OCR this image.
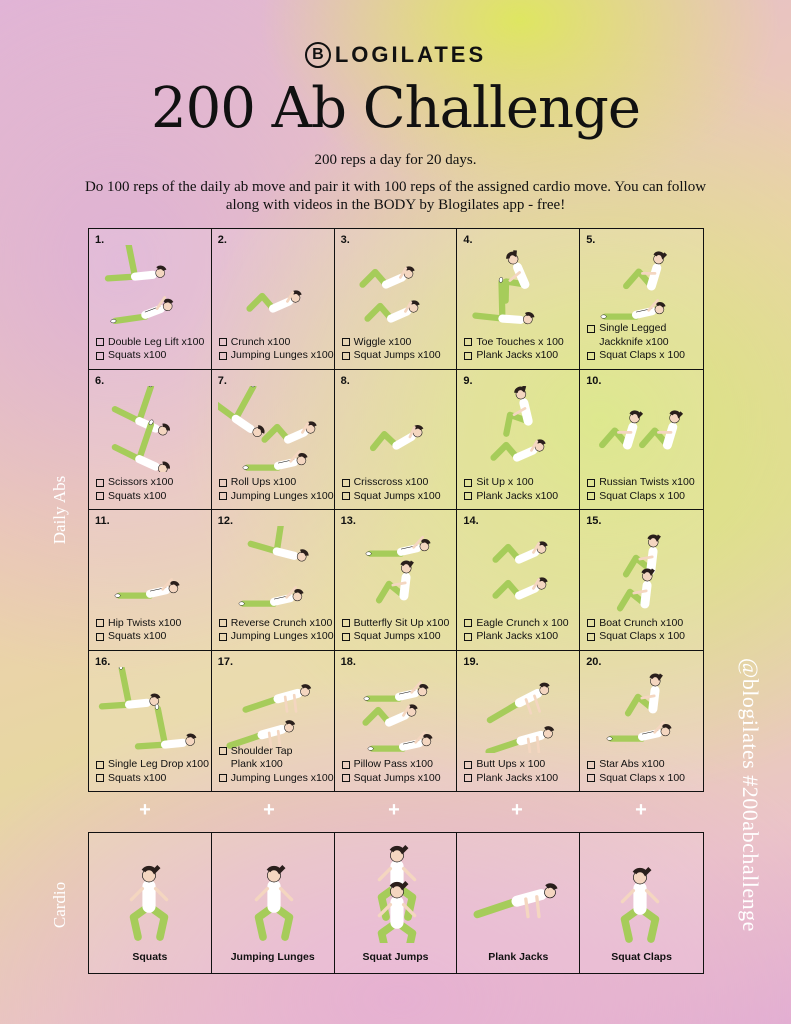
B LOGILATES
200 Ab Challenge
200 reps a day for 20 days.
Do 100 reps of the daily ab move and pair it with 100 reps of the assigned cardio move. You can follow along with videos in the BODY by Blogilates app - free!
Daily Abs
Cardio	@blogilates #200abchallenge
1.
Double Leg Lift x100
Squats x100
2.
Crunch x100
Jumping Lunges x100
3.
Wiggle x100
Squat Jumps x100
4.
Toe Touches x 100
Plank Jacks x100
5.
Single Legged
Jackknife x100
Squat Claps x 100
6.
Scissors x100
Squats x100
7.
Roll Ups x100
Jumping Lunges x100
8.
Crisscross x100
Squat Jumps x100
9.
Sit Up x 100
Plank Jacks x100
10.
Russian Twists x100
Squat Claps x 100
11.
Hip Twists x100
Squats x100
12.
Reverse Crunch x100
Jumping Lunges x100
13.
Butterfly Sit Up x100
Squat Jumps x100
14.
Eagle Crunch x 100
Plank Jacks x100
15.
Boat Crunch x100
Squat Claps x 100
16.
Single Leg Drop x100
Squats x100
17.
Shoulder Tap
Plank x100
Jumping Lunges x100
18.
Pillow Pass x100
Squat Jumps x100
19.
Butt Ups x 100
Plank Jacks x100
20.
Star Abs x100
Squat Claps x 100
+	+	+	+	+
Squats	Jumping Lunges	Squat Jumps	Plank Jacks	Squat Claps
